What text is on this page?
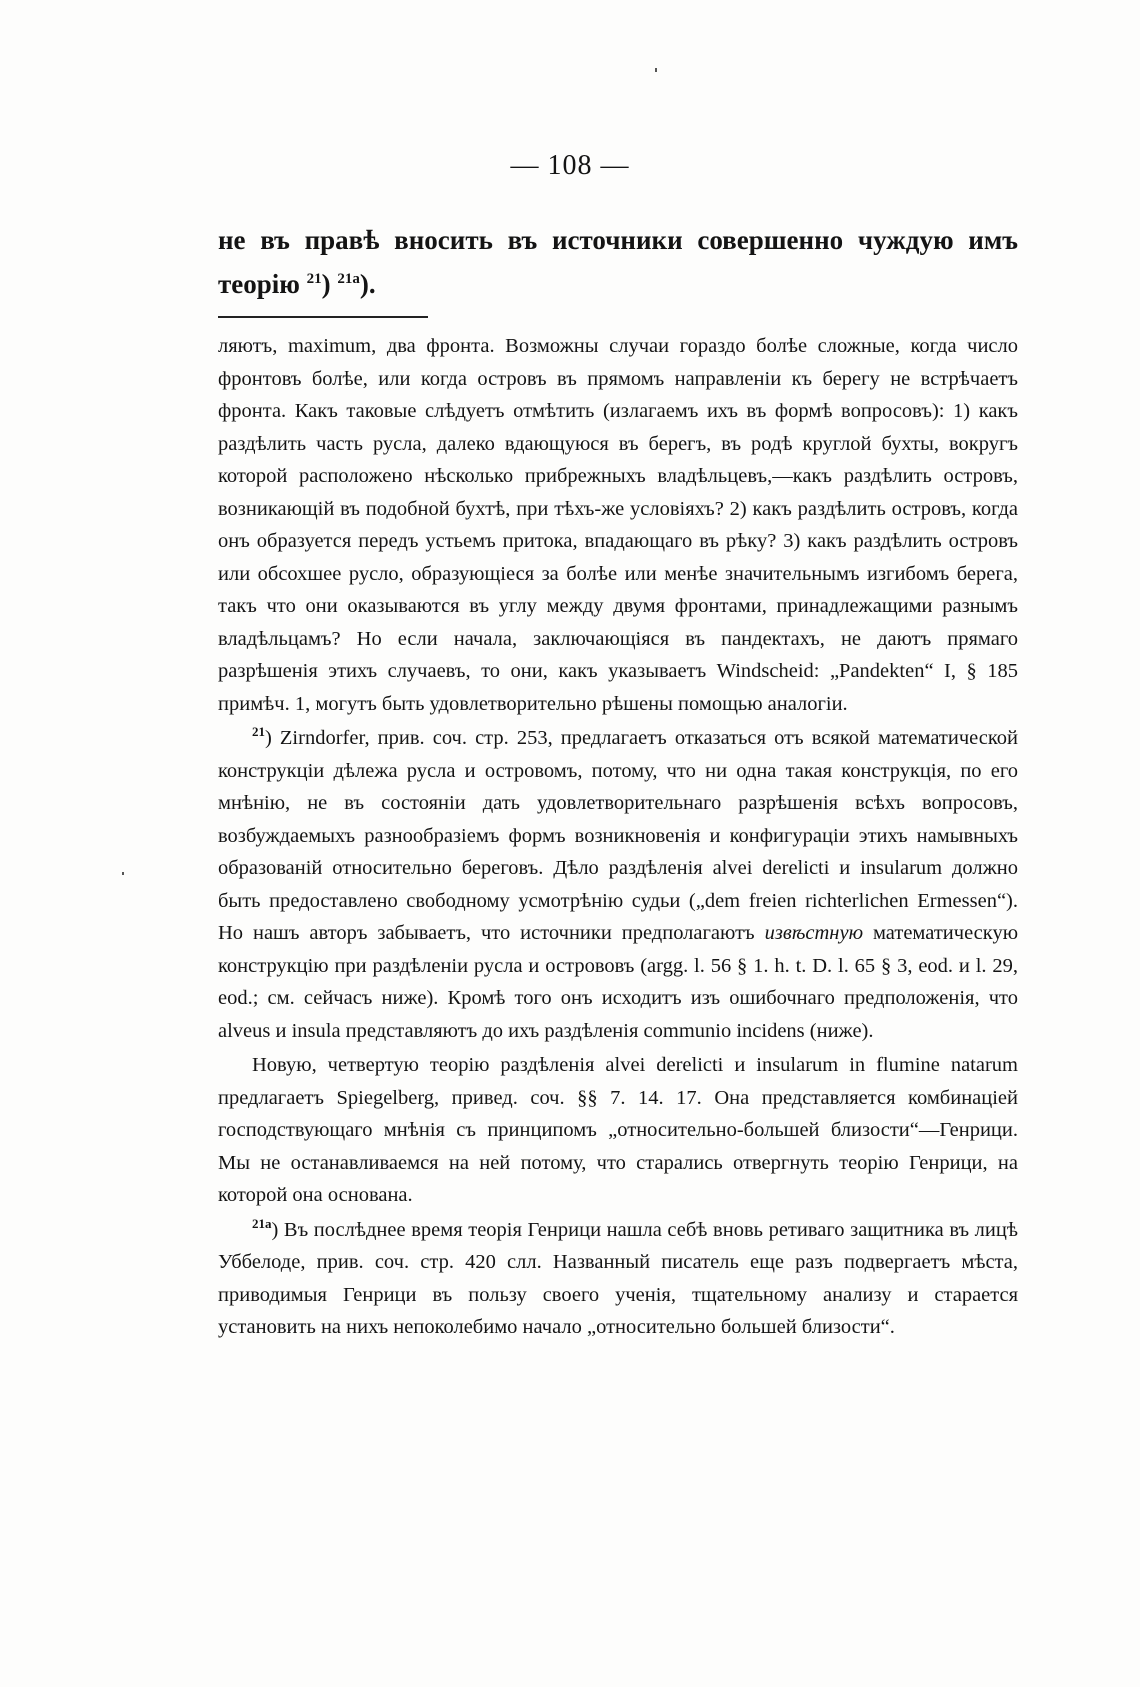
— 108 —
не въ правѣ вносить въ источники совершенно чуждую имъ теорію $^{21}$) $^{21a}$).

ляютъ, maximum, два фронта. Возможны случаи гораздо болѣе сложные, когда число фронтовъ болѣе, или когда островъ въ прямомъ направленіи къ берегу не встрѣчаетъ фронта. Какъ таковые слѣдуетъ отмѣтить (излагаемъ ихъ въ формѣ вопросовъ): 1) какъ раздѣлить часть русла, далеко вдающуюся въ берегъ, въ родѣ круглой бухты, вокругъ которой расположено нѣсколько прибрежныхъ владѣльцевъ,—какъ раздѣлить островъ, возникающій въ подобной бухтѣ, при тѣхъ-же условіяхъ? 2) какъ раздѣлить островъ, когда онъ образуется передъ устьемъ притока, впадающаго въ рѣку? 3) какъ раздѣлить островъ или обсохшее русло, образующіеся за болѣе или менѣе значительнымъ изгибомъ берега, такъ что они оказываются въ углу между двумя фронтами, принадлежащими разнымъ владѣльцамъ? Но если начала, заключающіяся въ пандектахъ, не даютъ прямаго разрѣшенія этихъ случаевъ, то они, какъ указываетъ Windscheid: „Pandekten“ I, § 185 примѣч. 1, могутъ быть удовлетворительно рѣшены помощью аналогіи.

$^{21}$) Zirndorfer, прив. соч. стр. 253, предлагаетъ отказаться отъ всякой математической конструкціи дѣлежа русла и островомъ, потому, что ни одна такая конструкція, по его мнѣнію, не въ состояніи дать удовлетворительнаго разрѣшенія всѣхъ вопросовъ, возбуждаемыхъ разнообразіемъ формъ возникновенія и конфигураціи этихъ намывныхъ образованій относительно береговъ. Дѣло раздѣленія alvei derelicti и insularum должно быть предоставлено свободному усмотрѣнію судьи („dem freien richterlichen Ermessen“). Но нашъ авторъ забываетъ, что источники предполагаютъ извѣстную математическую конструкцію при раздѣленіи русла и острововъ (argg. l. 56 § 1. h. t. D. l. 65 § 3, eod. и l. 29, eod.; см. сейчасъ ниже). Кромѣ того онъ исходитъ изъ ошибочнаго предположенія, что alveus и insula представляютъ до ихъ раздѣленія communio incidens (ниже).

Новую, четвертую теорію раздѣленія alvei derelicti и insularum in flumine natarum предлагаетъ Spiegelberg, привед. соч. §§ 7. 14. 17. Она представляется комбинаціей господствующаго мнѣнія съ принципомъ „относительно-большей близости“—Генрици. Мы не останавливаемся на ней потому, что старались отвергнуть теорію Генрици, на которой она основана.

$^{21a}$) Въ послѣднее время теорія Генрици нашла себѣ вновь ретиваго защитника въ лицѣ Уббелоде, прив. соч. стр. 420 слл. Названный писатель еще разъ подвергаетъ мѣста, приводимыя Генрици въ пользу своего ученія, тщательному анализу и старается установить на нихъ непоколебимо начало „относительно большей близости“.
